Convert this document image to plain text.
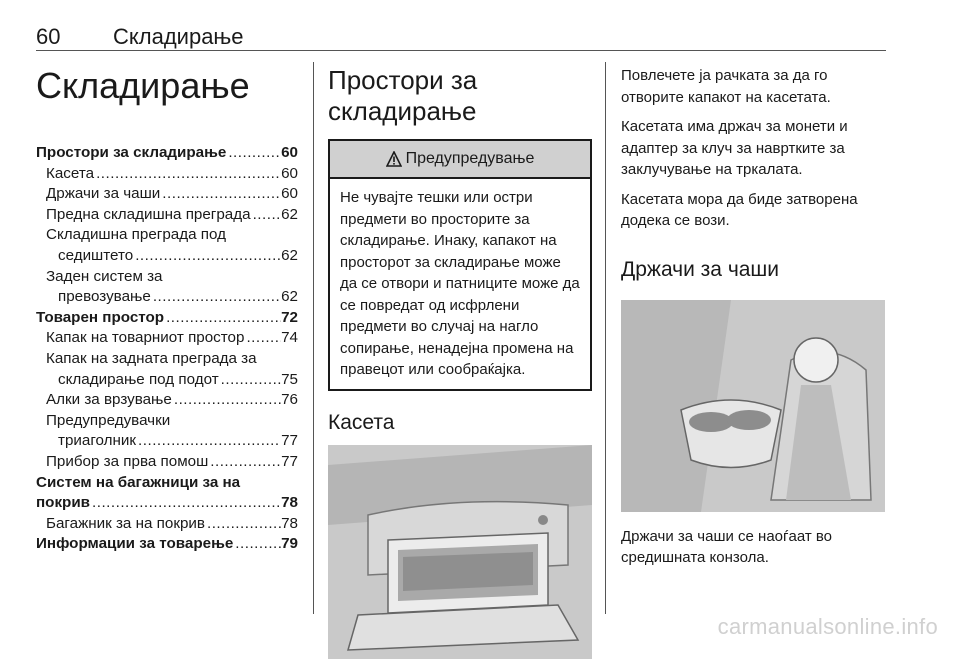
60 Складирање
Складирање
Простори за складирање .....	60
Касета .....	60
Држачи за чаши .....	60
Предна складишна преграда ..... 62
Складишна преграда под
седиштето .....	62
Заден систем за
превозување .....	62
Товарен простор .....	72
Капак на товарниот простор ..... 74
Капак на задната преграда за
складирање под подот .....	75
Алки за врзување .....	76
Предупредувачки
триаголник .....	77
Прибор за прва помош .....	77
Систем на багажници за на
покрив .....	78
Багажник за на покрив .....	78
Информации за товарење .....	79
Простори за складирање
Предупредување
Не чувајте тешки или остри предмети во просторите за складирање. Инаку, капакот на просторот за складирање може да се отвори и патниците може да се повредат од исфрлени предмети во случај на нагло сопирање, ненадејна промена на правецот или сообраќајка.
Касета

Повлечете ја рачката за да го отворите капакот на касетата.

Касетата има држач за монети и адаптер за клуч за навртките за заклучување на тркалата.

Касетата мора да биде затворена додека се вози.

Држачи за чаши

Држачи за чаши се наоѓаат во средишната конзола.

carmanualsonline.info
